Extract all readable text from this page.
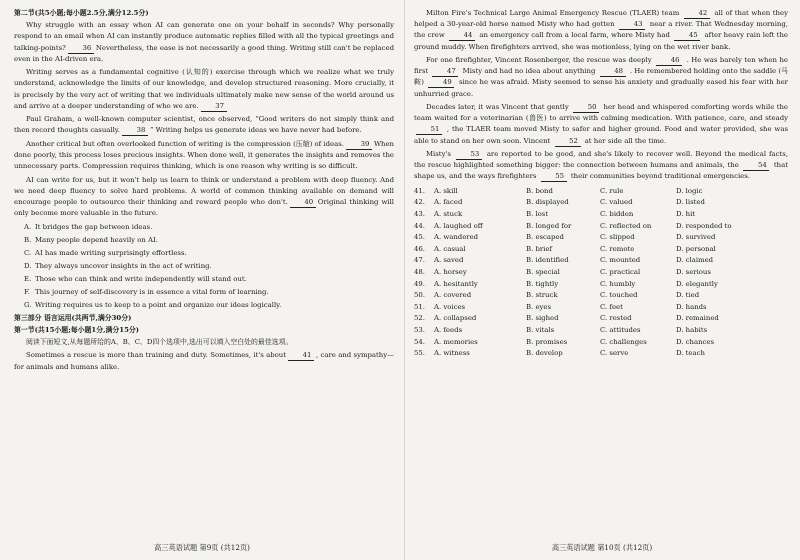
第二节(共5小题;每小题2.5分,满分12.5分)

Why struggle with an essay when AI can generate one on your behalf in seconds? Why personally respond to an email when AI can instantly produce automatic replies filled with all the typical greetings and talking-points? 36 Nevertheless, the ease is not necessarily a good thing. Writing still can't be replaced even in the AI-driven era.

Writing serves as a fundamental cognitive (认知的) exercise through which we realize what we truly understand, acknowledge the limits of our knowledge, and develop structured reasoning. More crucially, it is precisely by the very act of writing that we individuals ultimately make new sense of the world around us and arrive at a deeper understanding of who we are. 37

Paul Graham, a well-known computer scientist, once observed, “Good writers do not simply think and then record thoughts casually. 38 ” Writing helps us generate ideas we have never had before.

Another critical but often overlooked function of writing is the compression (压缩) of ideas. 39 When done poorly, this process loses precious insights. When done well, it generates the insights and removes the unnecessary parts. Compression requires thinking, which is one reason why writing is so difficult.

AI can write for us, but it won't help us learn to think or understand a problem with deep fluency. And we need deep fluency to solve hard problems. A world of common thinking available on demand will encourage people to outsource their thinking and reward people who don't. 40 Original thinking will only become more valuable in the future.

A. It bridges the gap between ideas.
B. Many people depend heavily on AI.
C. AI has made writing surprisingly effortless.
D. They always uncover insights in the act of writing.
E. Those who can think and write independently will stand out.
F. This journey of self-discovery is in essence a vital form of learning.
G. Writing requires us to keep to a point and organize our ideas logically.
第三部分 语言运用(共两节,满分30分)
第一节(共15小题;每小题1分,满分15分)

阅读下面短文,从每题所给的A、B、C、D四个选项中,选出可以填入空白处的最佳选项。

Sometimes a rescue is more than training and duty. Sometimes, it's about 41 , care and sympathy—for animals and humans alike.

高三英语试题 第9页 (共12页)

Milton Fire's Technical Large Animal Emergency Rescue (TLAER) team	42 all of that when they helped a 30-year-old horse named Misty who had gotten	43 near a river. That Wednesday morning, the crew	44 an emergency call from a local farm, where Misty had	45 after heavy rain left the ground muddy. When firefighters arrived, she was motionless, lying on the wet river bank.

For one firefighter, Vincent Rosenberger, the rescue was deeply	46 . He was barely ten when he first	47 Misty and had no idea about anything	48 . He remembered holding onto the saddle (马鞍)	49 since he was afraid. Misty seemed to sense his anxiety and gradually eased his fear with her unhurried grace.

Decades later, it was Vincent that gently	50 her head and whispered comforting words while the team waited for a veterinarian (兽医) to arrive with calming medication. With patience, care, and steady 51 , the TLAER team moved Misty to safer and higher ground. Food and water provided, she was able to stand on her own soon. Vincent	52 at her side all the time.

Misty's	53 are reported to be good, and she's likely to recover well. Beyond the medical facts, the rescue highlighted something bigger: the connection between humans and animals, the	54 that shape us, and the ways firefighters	55 their communities beyond traditional emergencies.

41.	A. skill	B. bond	C. rule	D. logic
42.	A. faced	B. displayed	C. valued	D. listed
43.	A. stuck	B. lost	C. bidden	D. hit
44.	A. laughed off	B. longed for	C. reflected on	D. responded to
45.	A. wandered	B. escaped	C. slipped	D. survived
46.	A. casual	B. brief	C. remote	D. personal
47.	A. saved	B. identified	C. mounted	D. claimed
48.	A. horsey	B. special	C. practical	D. serious
49.	A. hesitantly	B. tightly	C. humbly	D. elegantly
50.	A. covered	B. struck	C. touched	D. tied
51.	A. voices	B. eyes	C. feet	D. hands
52.	A. collapsed	B. sighed	C. rested	D. remained
53.	A. feeds	B. vitals	C. attitudes	D. habits
54.	A. memories	B. promises	C. challenges	D. chances
55.	A. witness	B. develop	C. serve	D. teach
高三英语试题 第10页 (共12页)
